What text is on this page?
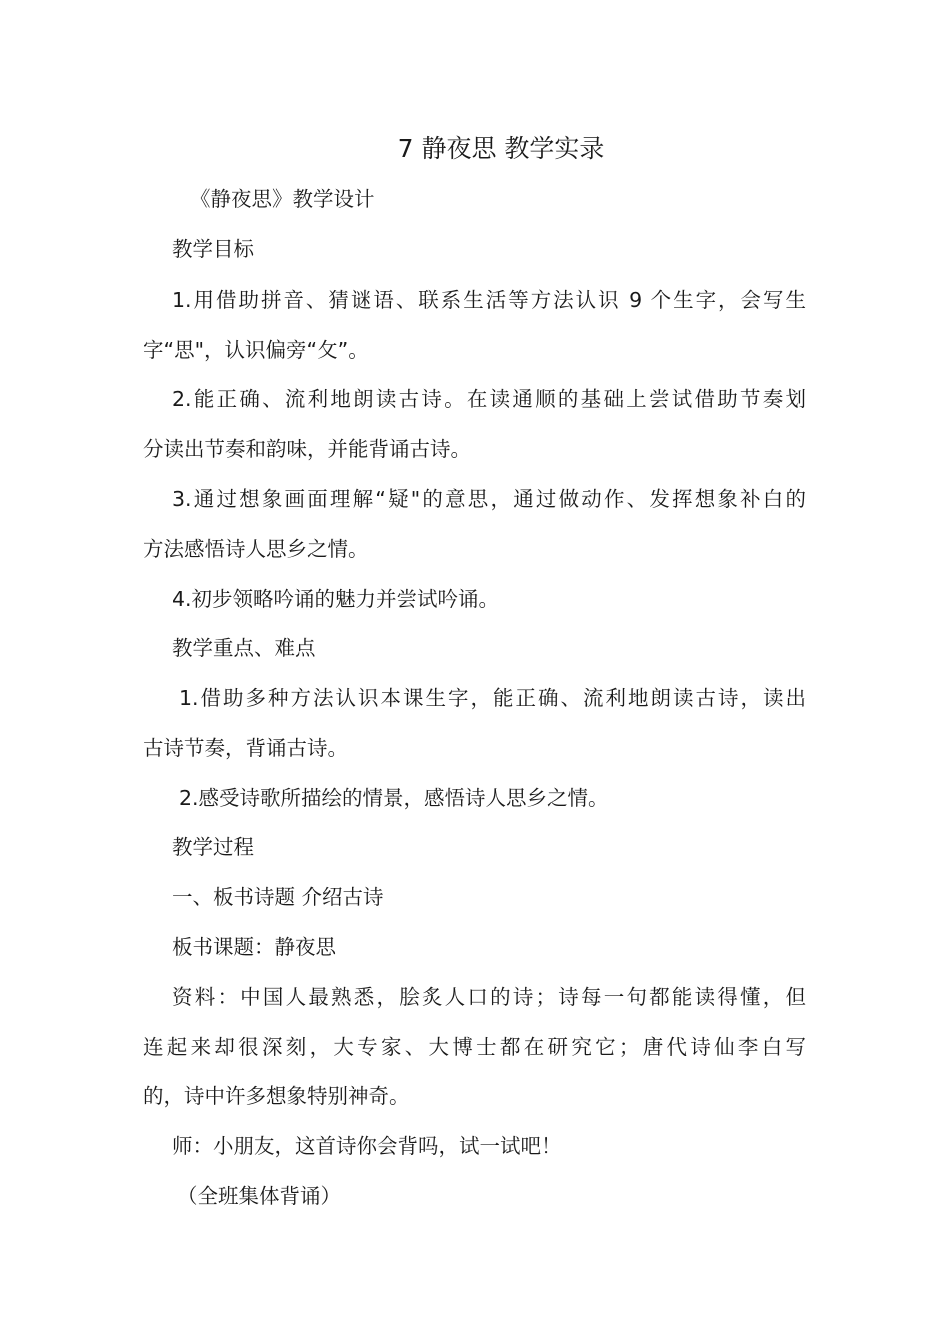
7 静夜思 教学实录
《静夜思》教学设计
教学目标
1.用借助拼音、猜谜语、联系生活等方法认识 9 个生字，会写生
字“思"，认识偏旁“攵”。
2.能正确、流利地朗读古诗。在读通顺的基础上尝试借助节奏划
分读出节奏和韵味，并能背诵古诗。
3.通过想象画面理解“疑"的意思，通过做动作、发挥想象补白的
方法感悟诗人思乡之情。
4.初步领略吟诵的魅力并尝试吟诵。
教学重点、难点
1.借助多种方法认识本课生字，能正确、流利地朗读古诗，读出
古诗节奏，背诵古诗。
2.感受诗歌所描绘的情景，感悟诗人思乡之情。
教学过程
一、板书诗题 介绍古诗
板书课题：静夜思
资料：中国人最熟悉，脍炙人口的诗；诗每一句都能读得懂，但
连起来却很深刻，大专家、大博士都在研究它；唐代诗仙李白写
的，诗中许多想象特别神奇。
师：小朋友，这首诗你会背吗，试一试吧！
（全班集体背诵）
